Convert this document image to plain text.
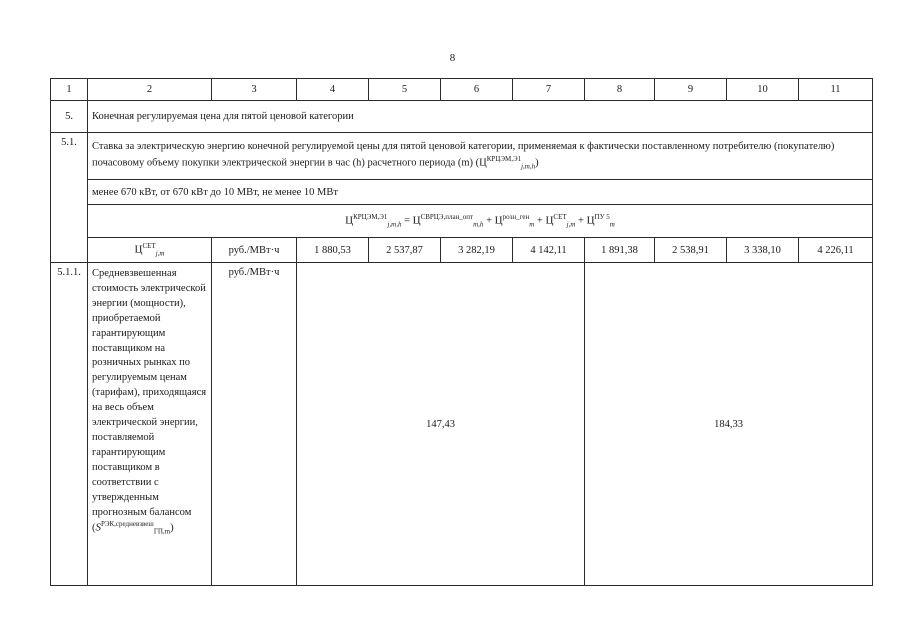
8
1	2	3	4	5	6	7	8	9	10	11
5.	Конечная регулируемая цена для пятой ценовой категории									
5.1.	Ставка за электрическую энергию конечной регулируемой цены для пятой ценовой категории, применяемая к фактически поставленному потребителю (покупателю) почасовому объему покупки электрической энергии в час (h) расчетного периода (m) $(Ц^{КРЦЭМ,Э1}_{j,m,h})$									
	менее 670 кВт, от 670 кВт до 10 МВт, не менее 10 МВт									
	$Ц^{КРЦЭМ,Э1}_{j,m,h} = Ц^{СВРЦЭ,план\_опт}_{m,h} + Ц^{розн\_ген}_m + Ц^{СЕТ}_{j,m} + Ц^{ПУ 5}_m$
	$Ц^{СЕТ}_{j,m}$	руб./МВт·ч	1 880,53	2 537,87	3 282,19	4 142,11	1 891,38	2 538,91	3 338,10	4 226,11
5.1.1.	Средневзвешенная стоимость электрической энергии (мощности), приобретаемой гарантирующим поставщиком на розничных рынках по регулируемым ценам (тарифам), приходящаяся на весь объем электрической энергии, поставляемой гарантирующим поставщиком в соответствии с утвержденным прогнозным балансом $(S^{РЭК,средневзвеш}_{ГП,m})$	руб./МВт·ч	147,43				184,33			
